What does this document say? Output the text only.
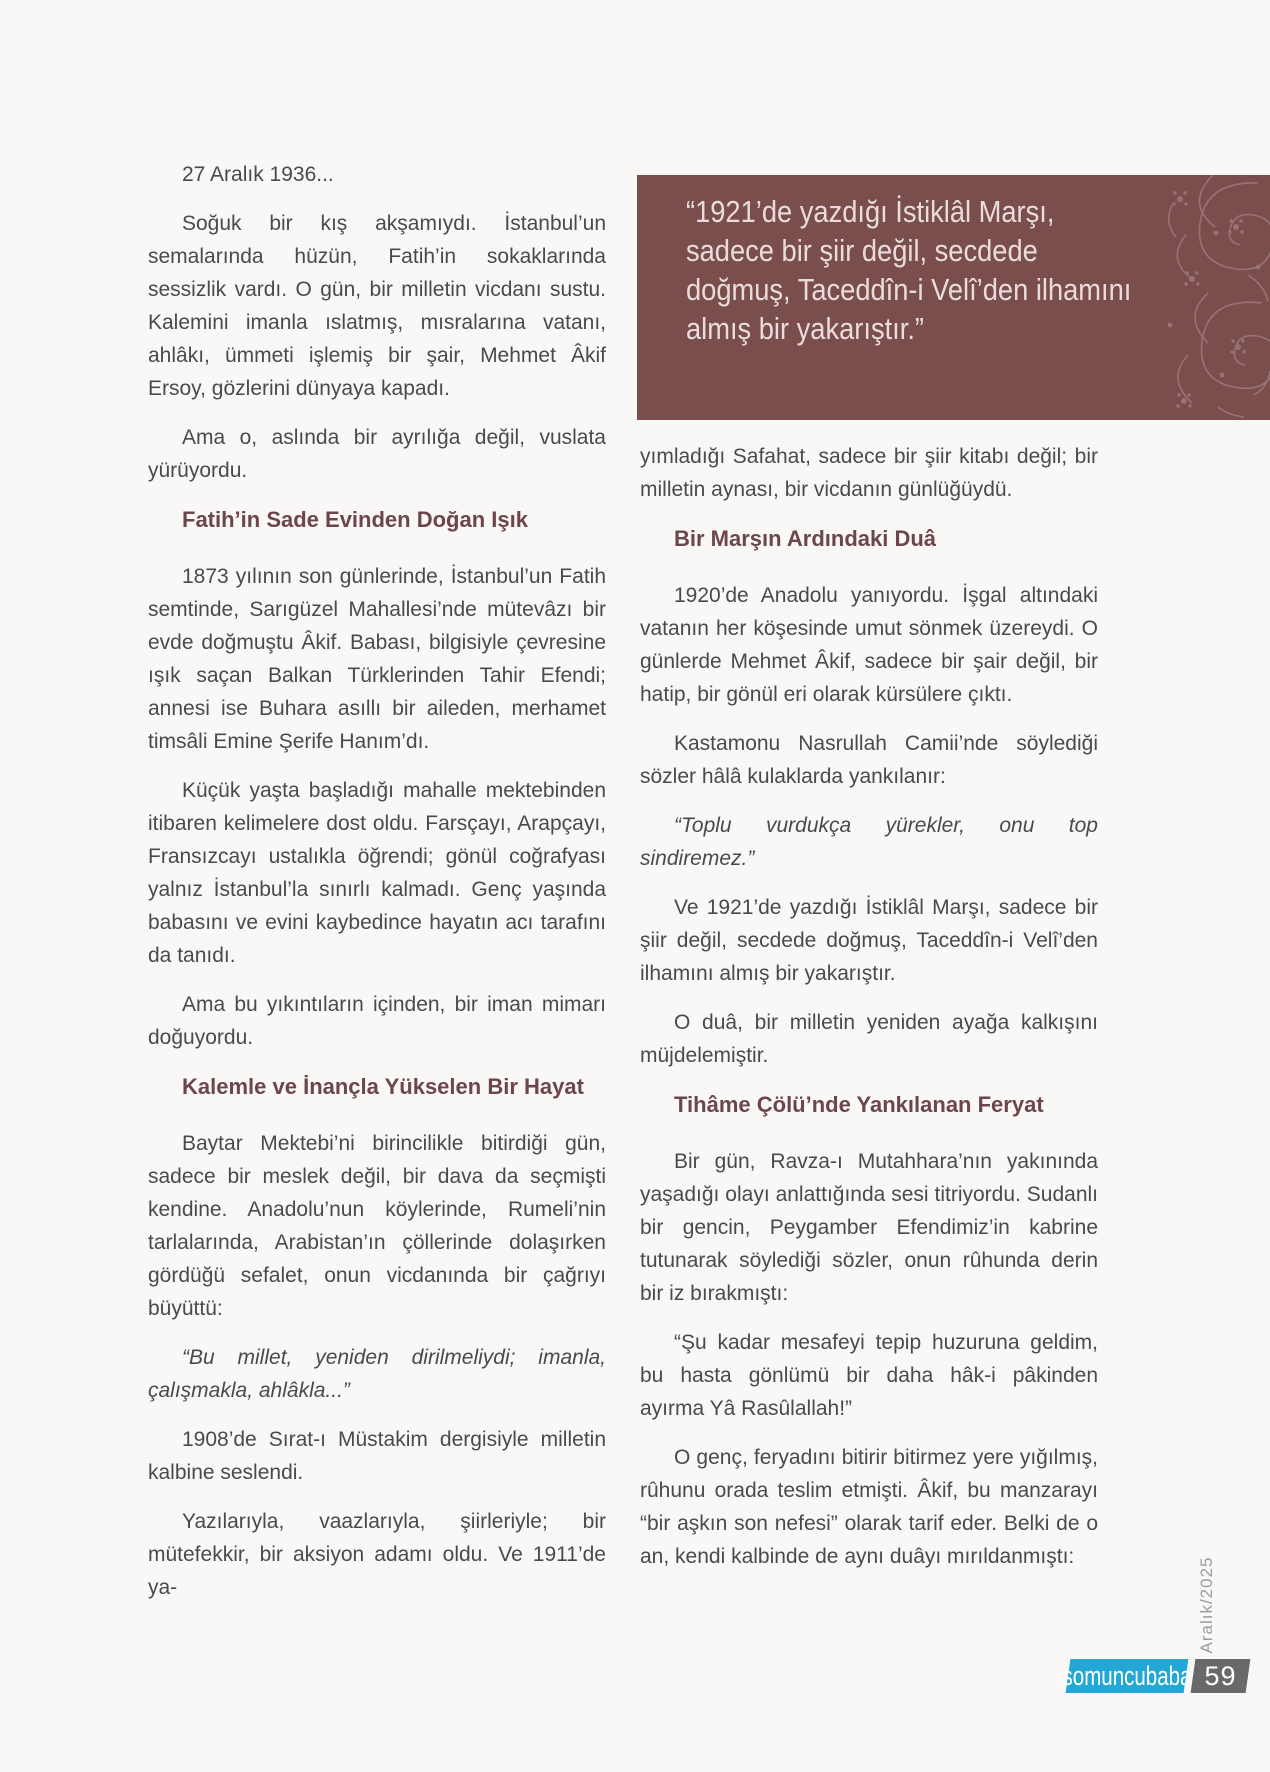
“1921’de yazdığı İstiklâl Marşı, sadece bir şiir değil, secdede doğmuş, Taceddîn-i Velî’den ilhamını almış bir yakarıştır.”

27 Aralık 1936...

Soğuk bir kış akşamıydı. İstanbul’un semalarında hüzün, Fatih’in sokaklarında sessizlik vardı. O gün, bir milletin vicdanı sustu. Kalemini imanla ıslatmış, mısralarına vatanı, ahlâkı, ümmeti işlemiş bir şair, Mehmet Âkif Ersoy, gözlerini dünyaya kapadı.

Ama o, aslında bir ayrılığa değil, vuslata yürüyordu.

Fatih’in Sade Evinden Doğan Işık

1873 yılının son günlerinde, İstanbul’un Fatih semtinde, Sarıgüzel Mahallesi’nde mütevâzı bir evde doğmuştu Âkif. Babası, bilgisiyle çevresine ışık saçan Balkan Türklerinden Tahir Efendi; annesi ise Buhara asıllı bir aileden, merhamet timsâli Emine Şerife Hanım’dı.

Küçük yaşta başladığı mahalle mektebinden itibaren kelimelere dost oldu. Farsçayı, Arapçayı, Fransızcayı ustalıkla öğrendi; gönül coğrafyası yalnız İstanbul’la sınırlı kalmadı. Genç yaşında babasını ve evini kaybedince hayatın acı tarafını da tanıdı.

Ama bu yıkıntıların içinden, bir iman mimarı doğuyordu.

Kalemle ve İnançla Yükselen Bir Hayat

Baytar Mektebi’ni birincilikle bitirdiği gün, sadece bir meslek değil, bir dava da seçmişti kendine. Anadolu’nun köylerinde, Rumeli’nin tarlalarında, Arabistan’ın çöllerinde dolaşırken gördüğü sefalet, onun vicdanında bir çağrıyı büyüttü:

“Bu millet, yeniden dirilmeliydi; imanla, çalışmakla, ahlâkla...”

1908’de Sırat-ı Müstakim dergisiyle milletin kalbine seslendi.

Yazılarıyla, vaazlarıyla, şiirleriyle; bir mütefekkir, bir aksiyon adamı oldu. Ve 1911’de ya-

yımladığı Safahat, sadece bir şiir kitabı değil; bir milletin aynası, bir vicdanın günlüğüydü.

Bir Marşın Ardındaki Duâ

1920’de Anadolu yanıyordu. İşgal altındaki vatanın her köşesinde umut sönmek üzereydi. O günlerde Mehmet Âkif, sadece bir şair değil, bir hatip, bir gönül eri olarak kürsülere çıktı.

Kastamonu Nasrullah Camii’nde söylediği sözler hâlâ kulaklarda yankılanır:

“Toplu vurdukça yürekler, onu top sindiremez.”

Ve 1921’de yazdığı İstiklâl Marşı, sadece bir şiir değil, secdede doğmuş, Taceddîn-i Velî’den ilhamını almış bir yakarıştır.

O duâ, bir milletin yeniden ayağa kalkışını müjdelemiştir.

Tihâme Çölü’nde Yankılanan Feryat

Bir gün, Ravza-ı Mutahhara’nın yakınında yaşadığı olayı anlattığında sesi titriyordu. Sudanlı bir gencin, Peygamber Efendimiz’in kabrine tutunarak söylediği sözler, onun rûhunda derin bir iz bırakmıştı:

“Şu kadar mesafeyi tepip huzuruna geldim, bu hasta gönlümü bir daha hâk-i pâkinden ayırma Yâ Rasûlallah!”

O genç, feryadını bitirir bitirmez yere yığılmış, rûhunu orada teslim etmişti. Âkif, bu manzarayı “bir aşkın son nefesi” olarak tarif eder. Belki de o an, kendi kalbinde de aynı duâyı mırıldanmıştı:	Aralık/2025
somuncubaba 59
